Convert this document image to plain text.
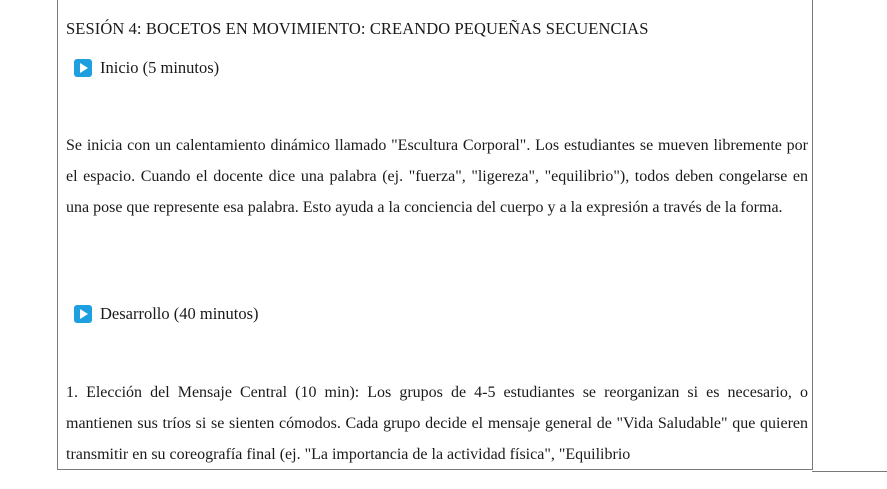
SESIÓN 4: BOCETOS EN MOVIMIENTO: CREANDO PEQUEÑAS SECUENCIAS
Inicio (5 minutos)

Se inicia con un calentamiento dinámico llamado "Escultura Corporal". Los estudiantes se mueven libremente por el espacio. Cuando el docente dice una palabra (ej. "fuerza", "ligereza", "equilibrio"), todos deben congelarse en una pose que represente esa palabra. Esto ayuda a la conciencia del cuerpo y a la expresión a través de la forma.

Desarrollo (40 minutos)

1. Elección del Mensaje Central (10 min): Los grupos de 4-5 estudiantes se reorganizan si es necesario, o mantienen sus tríos si se sienten cómodos. Cada grupo decide el mensaje general de "Vida Saludable" que quieren transmitir en su coreografía final (ej. "La importancia de la actividad física", "Equilibrio
